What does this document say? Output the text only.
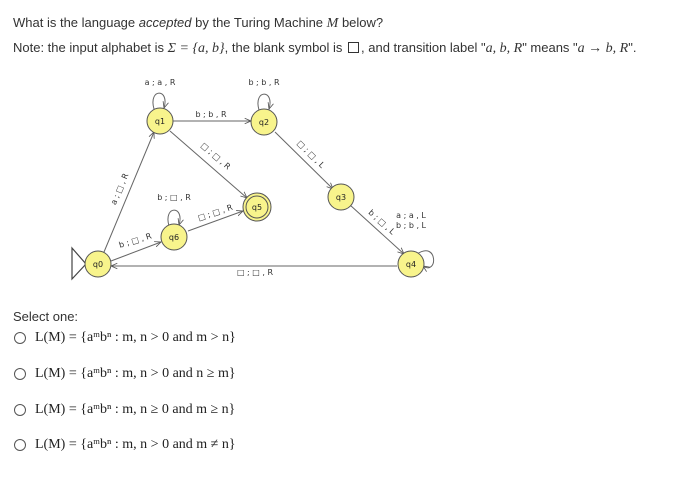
What is the language accepted by the Turing Machine M below?
Note: the input alphabet is Σ = {a, b}, the blank symbol is , and transition label "a, b, R" means "a → b, R".
q0
q1	q2
q3
q4
q5
q6
a ; a , R	b ; b , R
a ; □ , R
b ; b , R
□ ; □ , R	□ ; □ , L
b ; □ , L a ; a , L
b ; b , L
□ ; □ , R
b ; □ , R
b ; □ , R
□ ; □ , R
Select one:
L(M) = {aᵐbⁿ : m, n > 0 and m > n}
L(M) = {aᵐbⁿ : m, n > 0 and n ≥ m}
L(M) = {aᵐbⁿ : m, n ≥ 0 and m ≥ n}
L(M) = {aᵐbⁿ : m, n > 0 and m ≠ n}
